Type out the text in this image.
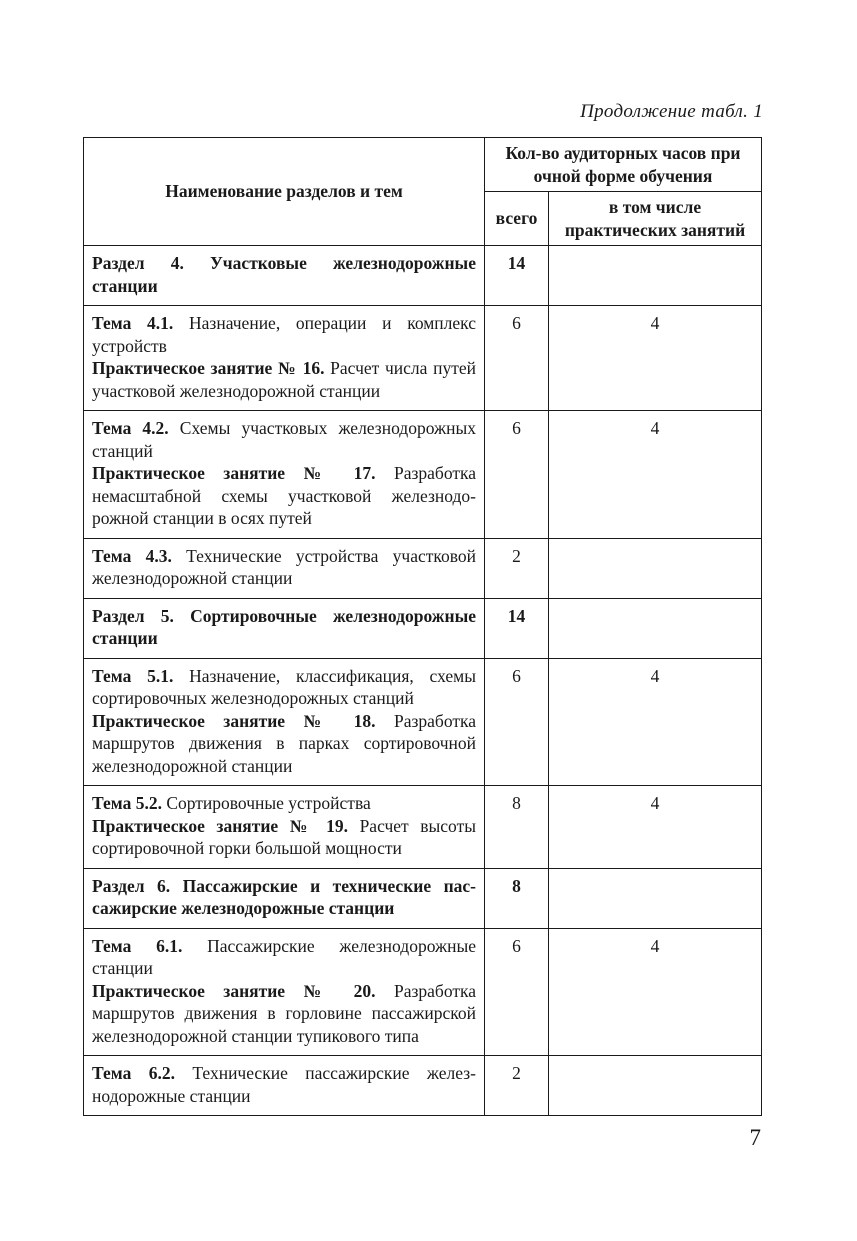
Продолжение табл. 1
Наименование разделов и тем	Кол-во аудиторных часов при очной форме обучения	
	всего	в том числе практических занятий
Раздел 4. Участковые железнодорожные станции	14	
Тема 4.1. Назначение, операции и комплекс устройств
Практическое занятие № 16. Расчет числа путей участковой железнодорожной станции	6	4
Тема 4.2. Схемы участковых железнодорожных станций
Практическое занятие № 17. Разработка немасштабной схемы участковой железнодорожной станции в осях путей	6	4
Тема 4.3. Технические устройства участковой железнодорожной станции	2	
Раздел 5. Сортировочные железнодорожные станции	14	
Тема 5.1. Назначение, классификация, схемы сортировочных железнодорожных станций
Практическое занятие № 18. Разработка маршрутов движения в парках сортировочной железнодорожной станции	6	4
Тема 5.2. Сортировочные устройства
Практическое занятие № 19. Расчет высоты сортировочной горки большой мощности	8	4
Раздел 6. Пассажирские и технические пассажирские железнодорожные станции	8	
Тема 6.1. Пассажирские железнодорожные станции
Практическое занятие № 20. Разработка маршрутов движения в горловине пассажирской железнодорожной станции тупикового типа	6	4
Тема 6.2. Технические пассажирские железнодорожные станции	2	
7
